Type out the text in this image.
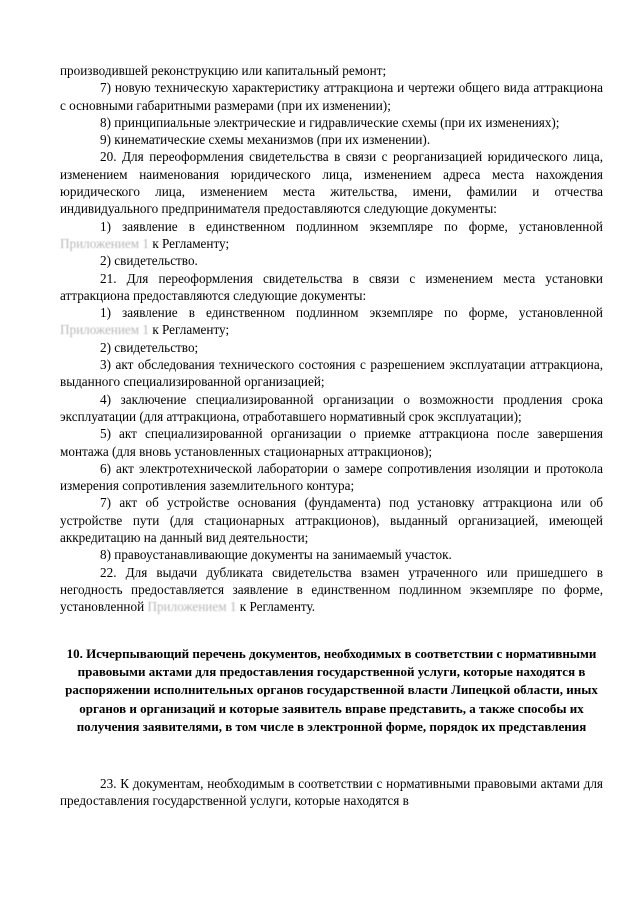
производившей реконструкцию или капитальный ремонт;

7) новую техническую характеристику аттракциона и чертежи общего вида аттракциона с основными габаритными размерами (при их изменении);

8) принципиальные электрические и гидравлические схемы (при их изменениях);

9) кинематические схемы механизмов (при их изменении).

20. Для переоформления свидетельства в связи с реорганизацией юридического лица, изменением наименования юридического лица, изменением адреса места нахождения юридического лица, изменением места жительства, имени, фамилии и отчества индивидуального предпринимателя предоставляются следующие документы:

1) заявление в единственном подлинном экземпляре по форме, установленной Приложением 1 к Регламенту;

2) свидетельство.

21. Для переоформления свидетельства в связи с изменением места установки аттракциона предоставляются следующие документы:

1) заявление в единственном подлинном экземпляре по форме, установленной Приложением 1 к Регламенту;

2) свидетельство;

3) акт обследования технического состояния с разрешением эксплуатации аттракциона, выданного специализированной организацией;

4) заключение специализированной организации о возможности продления срока эксплуатации (для аттракциона, отработавшего нормативный срок эксплуатации);

5) акт специализированной организации о приемке аттракциона после завершения монтажа (для вновь установленных стационарных аттракционов);

6) акт электротехнической лаборатории о замере сопротивления изоляции и протокола измерения сопротивления заземлительного контура;

7) акт об устройстве основания (фундамента) под установку аттракциона или об устройстве пути (для стационарных аттракционов), выданный организацией, имеющей аккредитацию на данный вид деятельности;

8) правоустанавливающие документы на занимаемый участок.

22. Для выдачи дубликата свидетельства взамен утраченного или пришедшего в негодность предоставляется заявление в единственном подлинном экземпляре по форме, установленной Приложением 1 к Регламенту.

10. Исчерпывающий перечень документов, необходимых в соответствии с нормативными правовыми актами для предоставления государственной услуги, которые находятся в распоряжении исполнительных органов государственной власти Липецкой области, иных органов и организаций и которые заявитель вправе представить, а также способы их получения заявителями, в том числе в электронной форме, порядок их представления

23. К документам, необходимым в соответствии с нормативными правовыми актами для предоставления государственной услуги, которые находятся в
